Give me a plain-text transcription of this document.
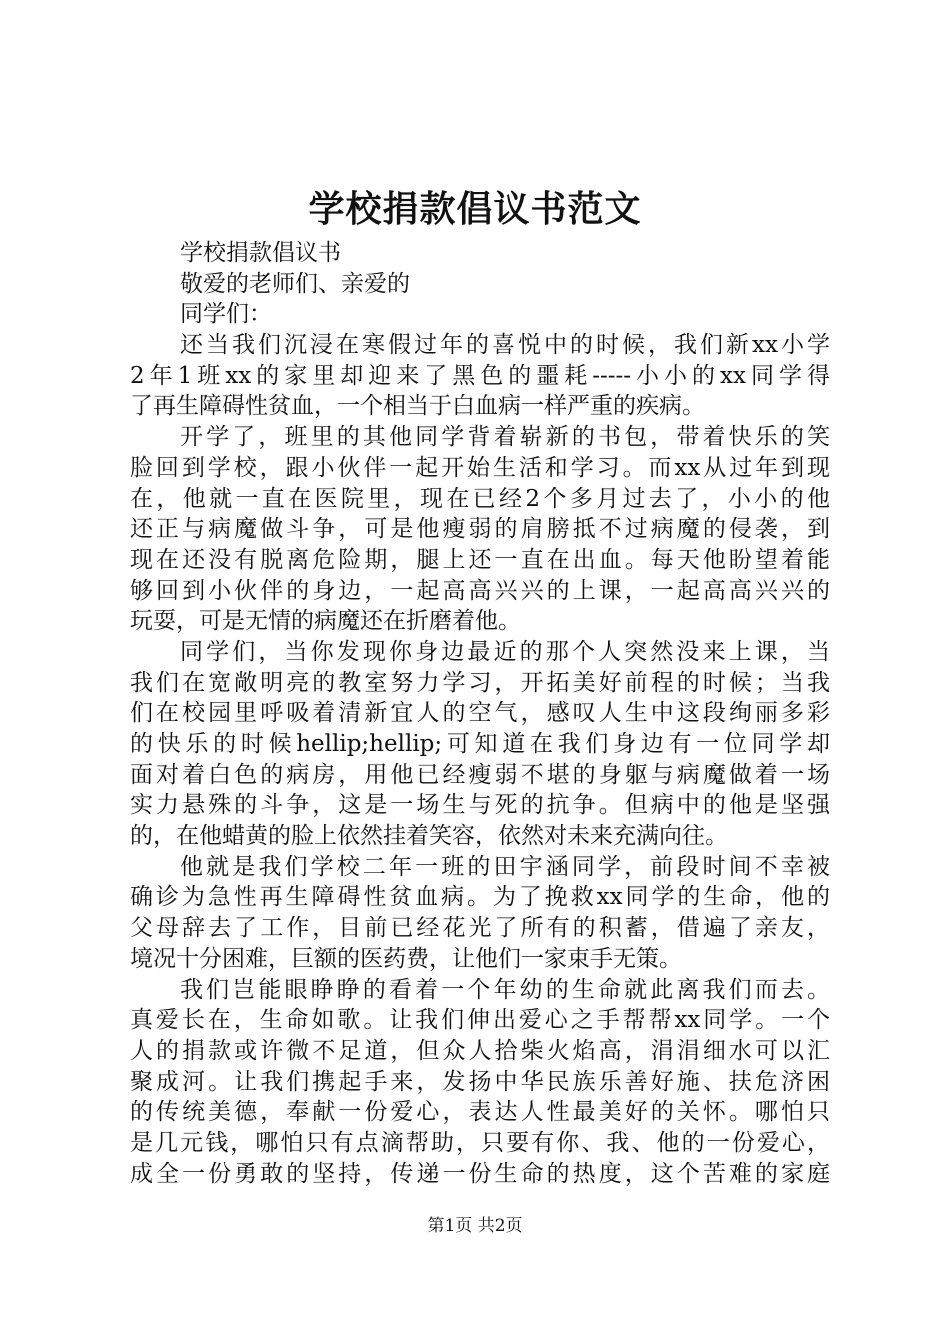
学校捐款倡议书范文
学校捐款倡议书
敬爱的老师们、亲爱的
同学们：
还当我们沉浸在寒假过年的喜悦中的时候，我们新xx小学
2年1班xx的家里却迎来了黑色的噩耗-----小小的xx同学得
了再生障碍性贫血，一个相当于白血病一样严重的疾病。
开学了，班里的其他同学背着崭新的书包，带着快乐的笑
脸回到学校，跟小伙伴一起开始生活和学习。而xx从过年到现
在，他就一直在医院里，现在已经2个多月过去了，小小的他
还正与病魔做斗争，可是他瘦弱的肩膀抵不过病魔的侵袭，到
现在还没有脱离危险期，腿上还一直在出血。每天他盼望着能
够回到小伙伴的身边，一起高高兴兴的上课，一起高高兴兴的
玩耍，可是无情的病魔还在折磨着他。
同学们，当你发现你身边最近的那个人突然没来上课，当
我们在宽敞明亮的教室努力学习，开拓美好前程的时候；当我
们在校园里呼吸着清新宜人的空气，感叹人生中这段绚丽多彩
的快乐的时候hellip;hellip;可知道在我们身边有一位同学却
面对着白色的病房，用他已经瘦弱不堪的身躯与病魔做着一场
实力悬殊的斗争，这是一场生与死的抗争。但病中的他是坚强
的，在他蜡黄的脸上依然挂着笑容，依然对未来充满向往。
他就是我们学校二年一班的田宇涵同学，前段时间不幸被
确诊为急性再生障碍性贫血病。为了挽救xx同学的生命，他的
父母辞去了工作，目前已经花光了所有的积蓄，借遍了亲友，
境况十分困难，巨额的医药费，让他们一家束手无策。
我们岂能眼睁睁的看着一个年幼的生命就此离我们而去。
真爱长在，生命如歌。让我们伸出爱心之手帮帮xx同学。一个
人的捐款或许微不足道，但众人拾柴火焰高，涓涓细水可以汇
聚成河。让我们携起手来，发扬中华民族乐善好施、扶危济困
的传统美德，奉献一份爱心，表达人性最美好的关怀。哪怕只
是几元钱，哪怕只有点滴帮助，只要有你、我、他的一份爱心，
成全一份勇敢的坚持，传递一份生命的热度，这个苦难的家庭
第1页 共2页
